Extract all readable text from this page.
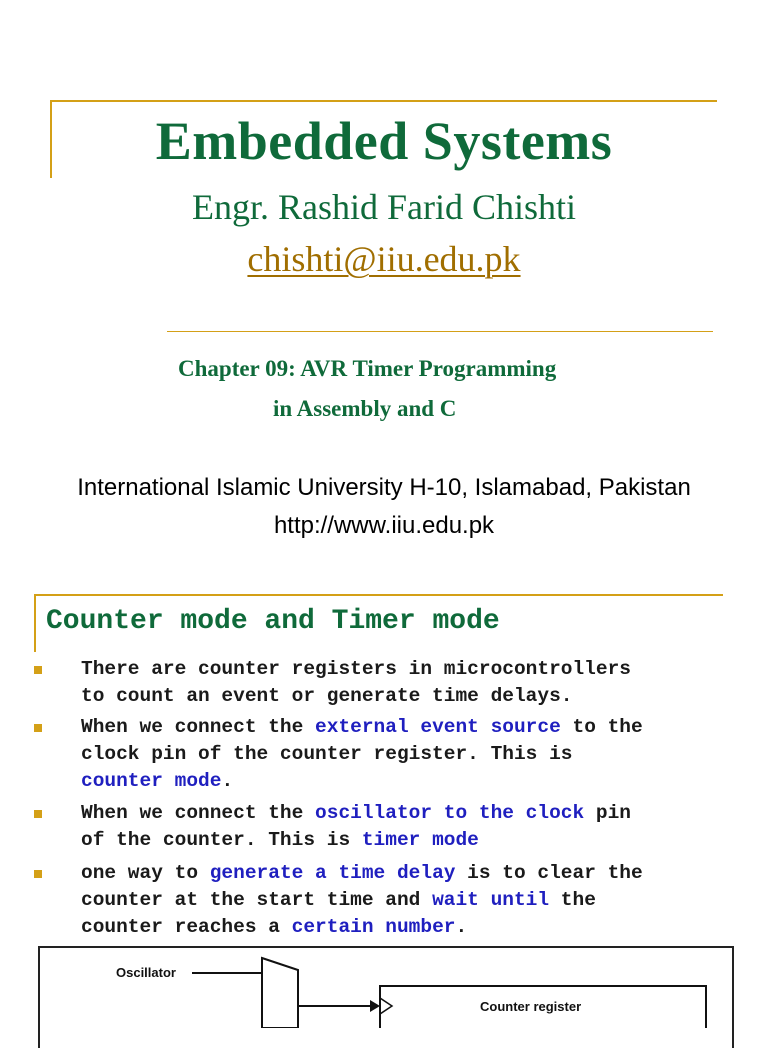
Embedded Systems
Engr. Rashid Farid Chishti
chishti@iiu.edu.pk
Chapter 09: AVR Timer Programming
in Assembly and C
International Islamic University H-10, Islamabad, Pakistan
http://www.iiu.edu.pk
Counter mode and Timer mode
There are counter registers in microcontrollers
to count an event or generate time delays.
When we connect the external event source to the
clock pin of the counter register. This is
counter mode.
When we connect the oscillator to the clock pin
of the counter. This is timer mode
one way to generate a time delay is to clear the
counter at the start time and wait until the
counter reaches a certain number.
Oscillator
Counter register
